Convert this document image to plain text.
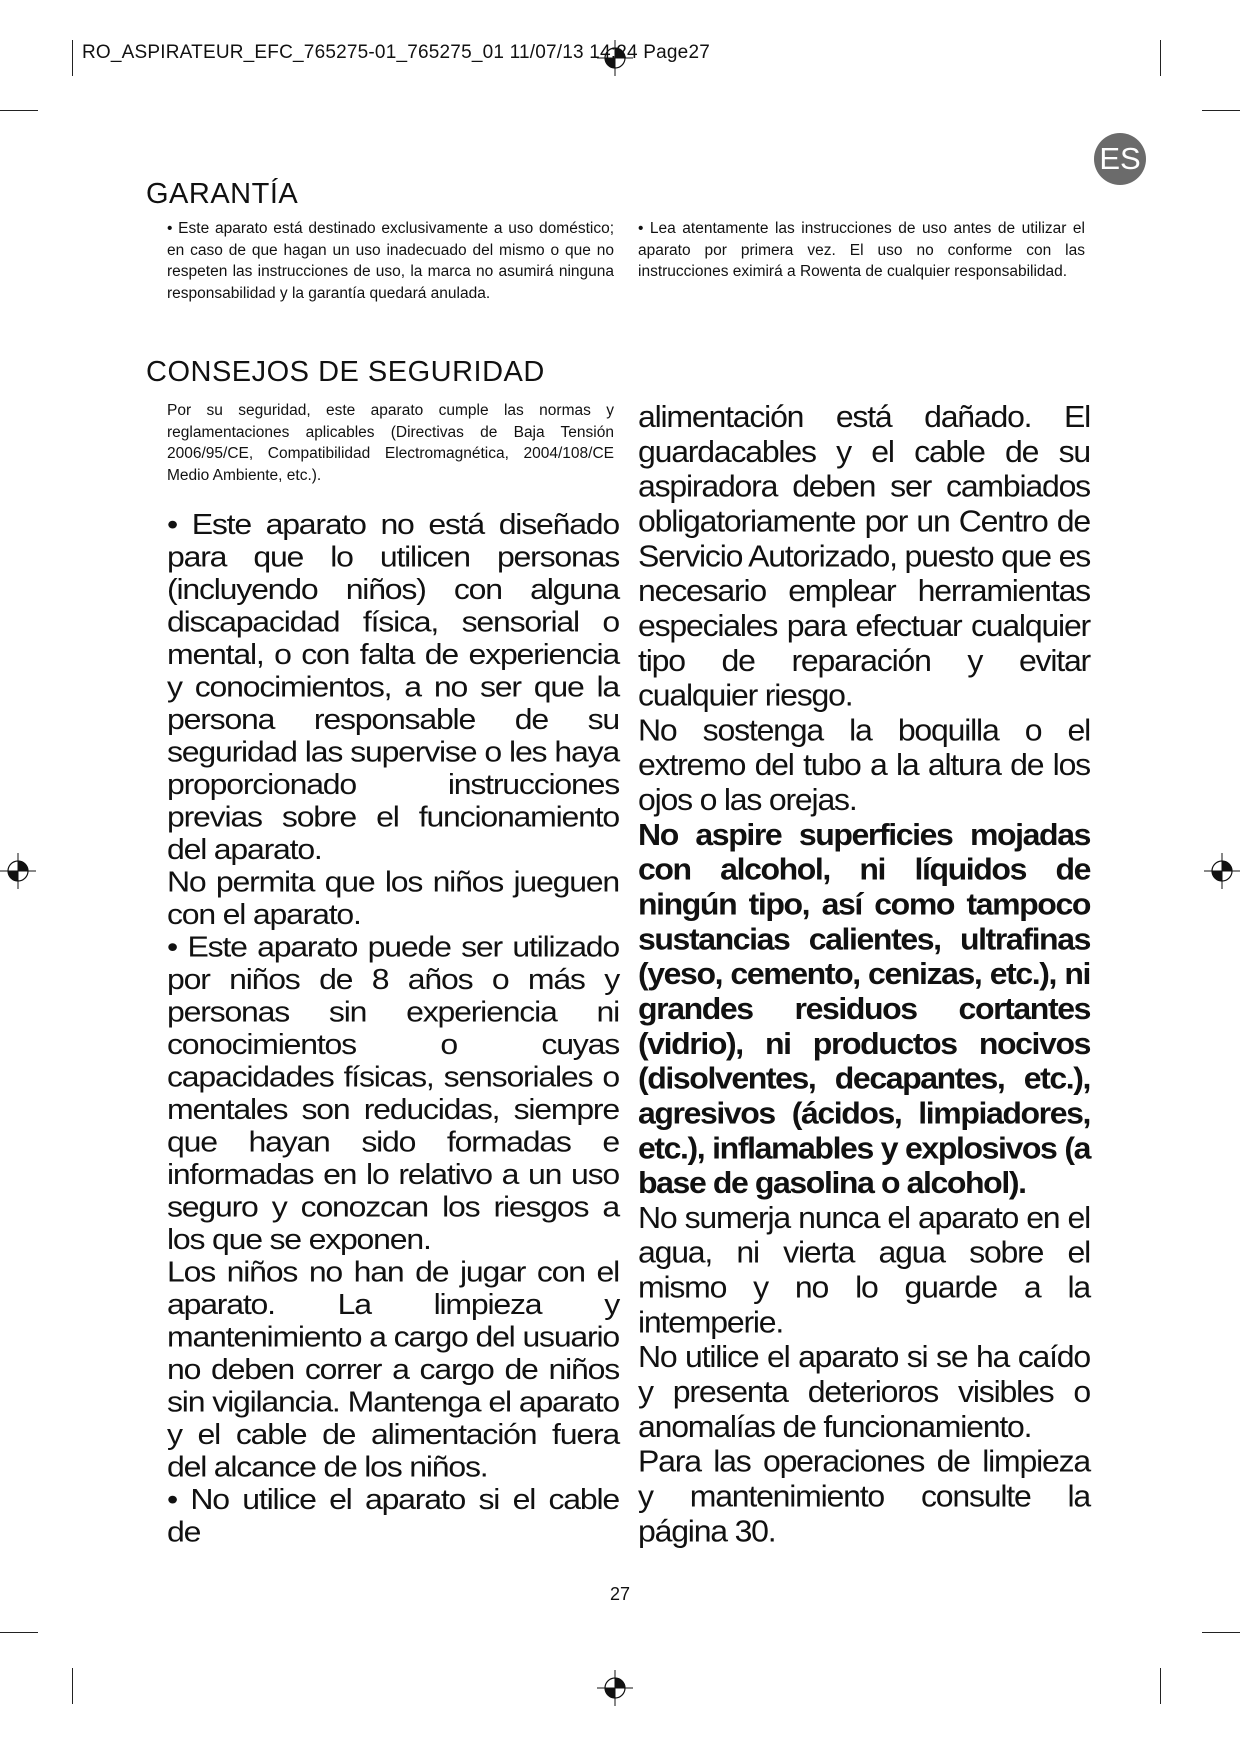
RO_ASPIRATEUR_EFC_765275-01_765275_01 11/07/13 14:24 Page27
ES
GARANTÍA

• Este aparato está destinado exclusivamente a uso doméstico; en caso de que hagan un uso inadecuado del mismo o que no respeten las instrucciones de uso, la marca no asumirá ninguna responsabilidad y la garantía quedará anulada.

• Lea atentamente las instrucciones de uso antes de utilizar el aparato por primera vez. El uso no conforme con las instrucciones eximirá a Rowenta de cualquier responsabilidad.

CONSEJOS DE SEGURIDAD

Por su seguridad, este aparato cumple las normas y reglamentaciones aplicables (Directivas de Baja Tensión 2006/95/CE, Compatibilidad Electromagnética, 2004/108/CE Medio Ambiente, etc.).

• Este aparato no está diseñado para que lo utilicen personas (incluyendo niños) con alguna discapacidad física, sensorial o mental, o con falta de experiencia y conocimientos, a no ser que la persona responsable de su seguridad las supervise o les haya proporcionado instrucciones previas sobre el funcionamiento del aparato.

No permita que los niños jueguen con el aparato.

• Este aparato puede ser utilizado por niños de 8 años o más y personas sin experiencia ni conocimientos o cuyas capacidades físicas, sensoriales o mentales son reducidas, siempre que hayan sido formadas e informadas en lo relativo a un uso seguro y conozcan los riesgos a los que se exponen.

Los niños no han de jugar con el aparato. La limpieza y mantenimiento a cargo del usuario no deben correr a cargo de niños sin vigilancia. Mantenga el aparato y el cable de alimentación fuera del alcance de los niños.

• No utilice el aparato si el cable de

alimentación está dañado. El guardacables y el cable de su aspiradora deben ser cambiados obligatoriamente por un Centro de Servicio Autorizado, puesto que es necesario emplear herramientas especiales para efectuar cualquier tipo de reparación y evitar cualquier riesgo.

No sostenga la boquilla o el extremo del tubo a la altura de los ojos o las orejas.

No aspire superficies mojadas con alcohol, ni líquidos de ningún tipo, así como tampoco sustancias calientes, ultrafinas (yeso, cemento, cenizas, etc.), ni grandes residuos cortantes (vidrio), ni productos nocivos (disolventes, decapantes, etc.), agresivos (ácidos, limpiadores, etc.), inflamables y explosivos (a base de gasolina o alcohol).

No sumerja nunca el aparato en el agua, ni vierta agua sobre el mismo y no lo guarde a la intemperie.

No utilice el aparato si se ha caído y presenta deterioros visibles o anomalías de funcionamiento.

Para las operaciones de limpieza y mantenimiento consulte la página 30.

27
